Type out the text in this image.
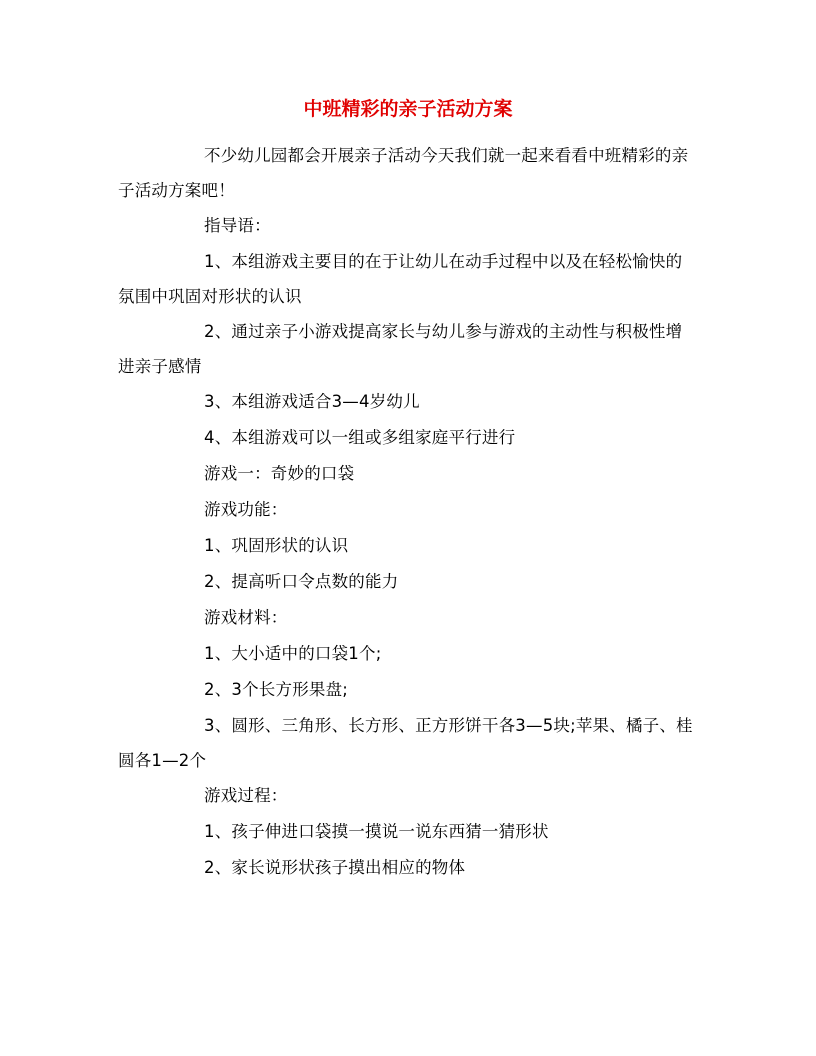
中班精彩的亲子活动方案

不少幼儿园都会开展亲子活动今天我们就一起来看看中班精彩的亲子活动方案吧！

指导语：

1、本组游戏主要目的在于让幼儿在动手过程中以及在轻松愉快的氛围中巩固对形状的认识

2、通过亲子小游戏提高家长与幼儿参与游戏的主动性与积极性增进亲子感情

3、本组游戏适合3—4岁幼儿

4、本组游戏可以一组或多组家庭平行进行

游戏一：奇妙的口袋

游戏功能：

1、巩固形状的认识

2、提高听口令点数的能力

游戏材料：

1、大小适中的口袋1个;

2、3个长方形果盘;

3、圆形、三角形、长方形、正方形饼干各3—5块;苹果、橘子、桂圆各1—2个

游戏过程：

1、孩子伸进口袋摸一摸说一说东西猜一猜形状

2、家长说形状孩子摸出相应的物体
